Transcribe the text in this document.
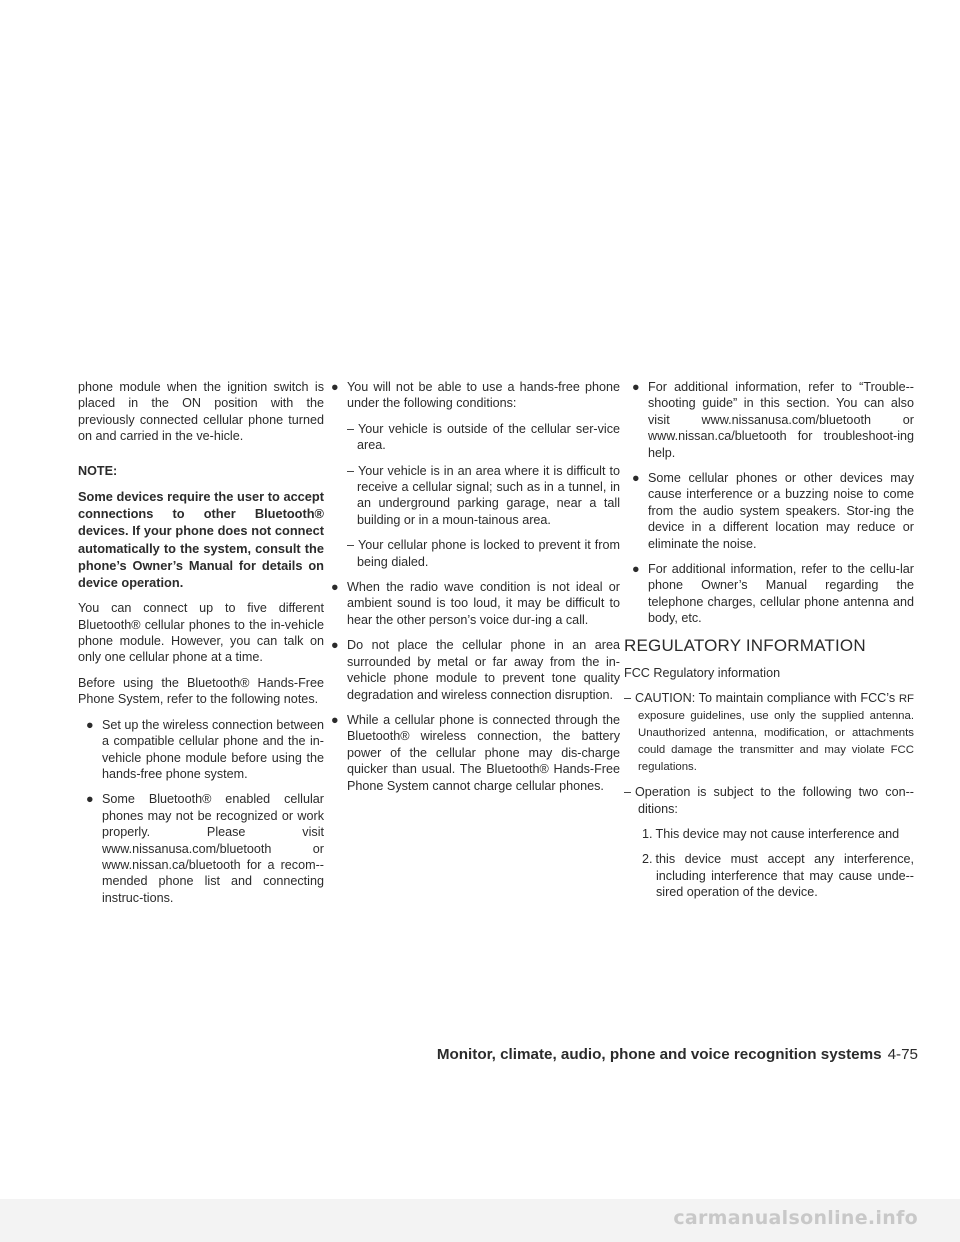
phone module when the ignition switch is placed in the ON position with the previously connected cellular phone turned on and carried in the ve-hicle.

NOTE:

Some devices require the user to accept connections to other Bluetooth® devices. If your phone does not connect automatically to the system, consult the phone’s Owner’s Manual for details on device operation.

You can connect up to five different Bluetooth® cellular phones to the in-vehicle phone module. However, you can talk on only one cellular phone at a time.

Before using the Bluetooth® Hands-Free Phone System, refer to the following notes.

● Set up the wireless connection between a compatible cellular phone and the in-vehicle phone module before using the hands-free phone system.
● Some Bluetooth® enabled cellular phones may not be recognized or work properly. Please visit www.nissanusa.com/bluetooth or www.nissan.ca/bluetooth for a recom-mended phone list and connecting instruc-tions.
● You will not be able to use a hands-free phone under the following conditions:
– Your vehicle is outside of the cellular ser-vice area.
– Your vehicle is in an area where it is difficult to receive a cellular signal; such as in a tunnel, in an underground parking garage, near a tall building or in a moun-tainous area.
– Your cellular phone is locked to prevent it from being dialed.
● When the radio wave condition is not ideal or ambient sound is too loud, it may be difficult to hear the other person’s voice dur-ing a call.
● Do not place the cellular phone in an area surrounded by metal or far away from the in-vehicle phone module to prevent tone quality degradation and wireless connection disruption.
● While a cellular phone is connected through the Bluetooth® wireless connection, the battery power of the cellular phone may dis-charge quicker than usual. The Bluetooth® Hands-Free Phone System cannot charge cellular phones.
● For additional information, refer to “Trouble-shooting guide” in this section. You can also visit www.nissanusa.com/bluetooth or www.nissan.ca/bluetooth for troubleshoot-ing help.
● Some cellular phones or other devices may cause interference or a buzzing noise to come from the audio system speakers. Stor-ing the device in a different location may reduce or eliminate the noise.
● For additional information, refer to the cellu-lar phone Owner’s Manual regarding the telephone charges, cellular phone antenna and body, etc.
REGULATORY INFORMATION

FCC Regulatory information

– CAUTION: To maintain compliance with FCC’s RF exposure guidelines, use only the supplied antenna. Unauthorized antenna, modification, or attachments could damage the transmitter and may violate FCC regulations.
– Operation is subject to the following two con-ditions:
1. This device may not cause interference and
2. this device must accept any interference, including interference that may cause unde-sired operation of the device.
Monitor, climate, audio, phone and voice recognition systems 4-75
carmanualsonline.info
